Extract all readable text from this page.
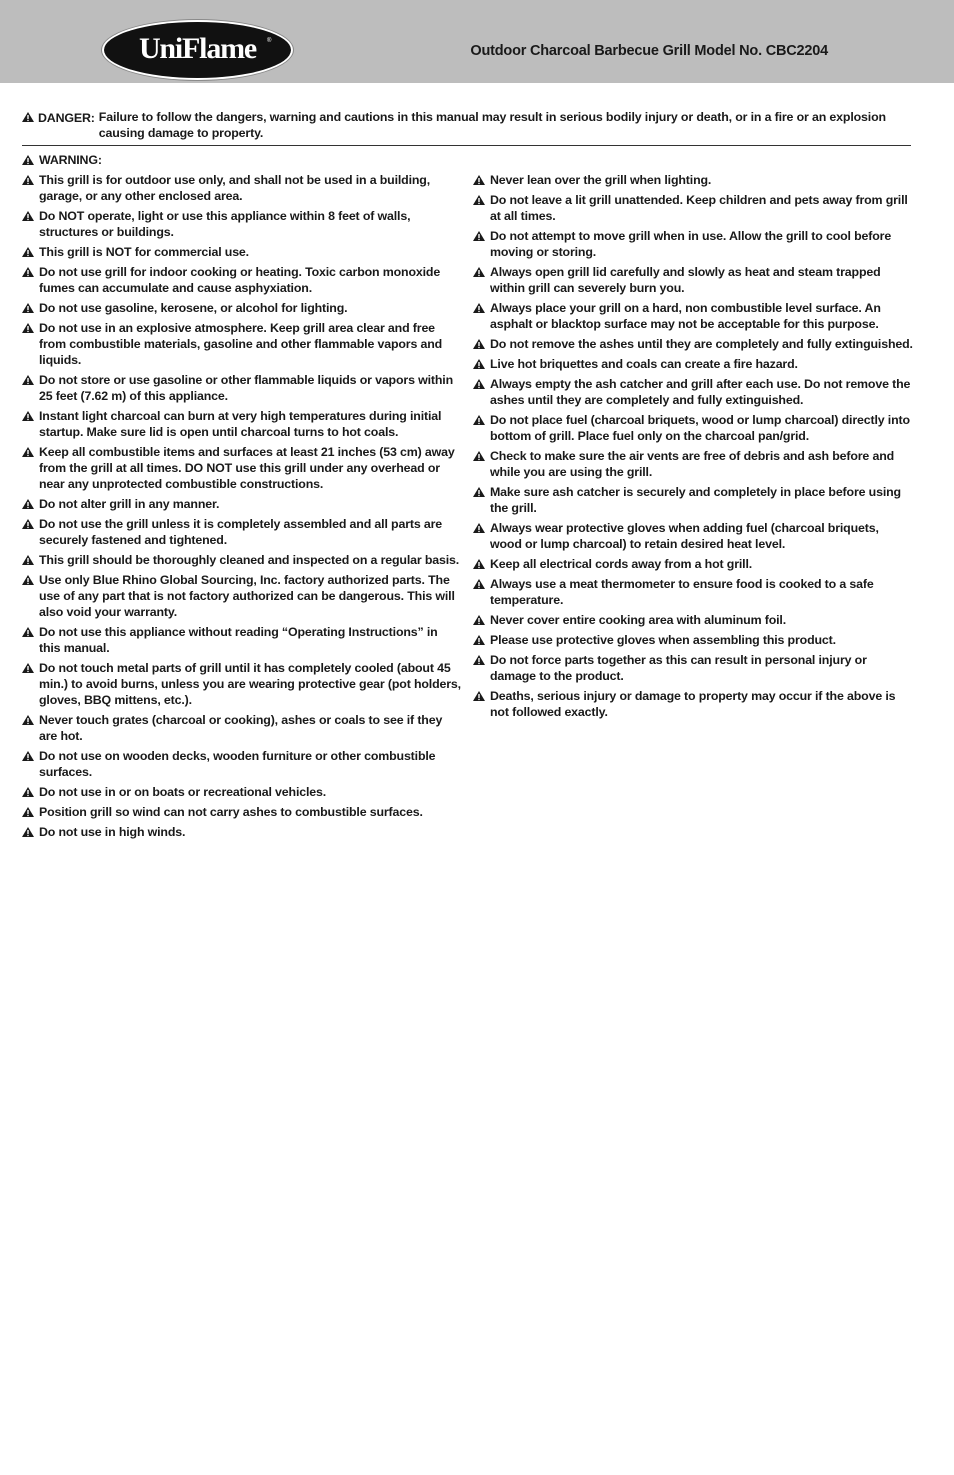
UniFlame	®
Outdoor Charcoal Barbecue Grill Model No. CBC2204
DANGER: Failure to follow the dangers, warning and cautions in this manual may result in serious bodily injury or death, or in a fire or an explosion causing damage to property.
WARNING:
This grill is for outdoor use only, and shall not be used in a building, garage, or any other enclosed area.
Do NOT operate, light or use this appliance within 8 feet of walls, structures or buildings.
This grill is NOT for commercial use.
Do not use grill for indoor cooking or heating. Toxic carbon monoxide fumes can accumulate and cause asphyxiation.
Do not use gasoline, kerosene, or alcohol for lighting.
Do not use in an explosive atmosphere. Keep grill area clear and free from combustible materials, gasoline and other flammable vapors and liquids.
Do not store or use gasoline or other flammable liquids or vapors within 25 feet (7.62 m) of this appliance.
Instant light charcoal can burn at very high temperatures during initial startup. Make sure lid is open until charcoal turns to hot coals.
Keep all combustible items and surfaces at least 21 inches (53 cm) away from the grill at all times. DO NOT use this grill under any overhead or near any unprotected combustible constructions.
Do not alter grill in any manner.
Do not use the grill unless it is completely assembled and all parts are securely fastened and tightened.
This grill should be thoroughly cleaned and inspected on a regular basis.
Use only Blue Rhino Global Sourcing, Inc. factory authorized parts. The use of any part that is not factory authorized can be dangerous. This will also void your warranty.
Do not use this appliance without reading “Operating Instructions” in this manual.
Do not touch metal parts of grill until it has completely cooled (about 45 min.) to avoid burns, unless you are wearing protective gear (pot holders, gloves, BBQ mittens, etc.).
Never touch grates (charcoal or cooking), ashes or coals to see if they are hot.
Do not use on wooden decks, wooden furniture or other combustible surfaces.
Do not use in or on boats or recreational vehicles.
Position grill so wind can not carry ashes to combustible surfaces.
Do not use in high winds.
Never lean over the grill when lighting.
Do not leave a lit grill unattended. Keep children and pets away from grill at all times.
Do not attempt to move grill when in use. Allow the grill to cool before moving or storing.
Always open grill lid carefully and slowly as heat and steam trapped within grill can severely burn you.
Always place your grill on a hard, non combustible level surface. An asphalt or blacktop surface may not be acceptable for this purpose.
Do not remove the ashes until they are completely and fully extinguished.
Live hot briquettes and coals can create a fire hazard.
Always empty the ash catcher and grill after each use. Do not remove the ashes until they are completely and fully extinguished.
Do not place fuel (charcoal briquets, wood or lump charcoal) directly into bottom of grill. Place fuel only on the charcoal pan/grid.
Check to make sure the air vents are free of debris and ash before and while you are using the grill.
Make sure ash catcher is securely and completely in place before using the grill.
Always wear protective gloves when adding fuel (charcoal briquets, wood or lump charcoal) to retain desired heat level.
Keep all electrical cords away from a hot grill.
Always use a meat thermometer to ensure food is cooked to a safe temperature.
Never cover entire cooking area with aluminum foil.
Please use protective gloves when assembling this product.
Do not force parts together as this can result in personal injury or damage to the product.
Deaths, serious injury or damage to property may occur if the above is not followed exactly.
